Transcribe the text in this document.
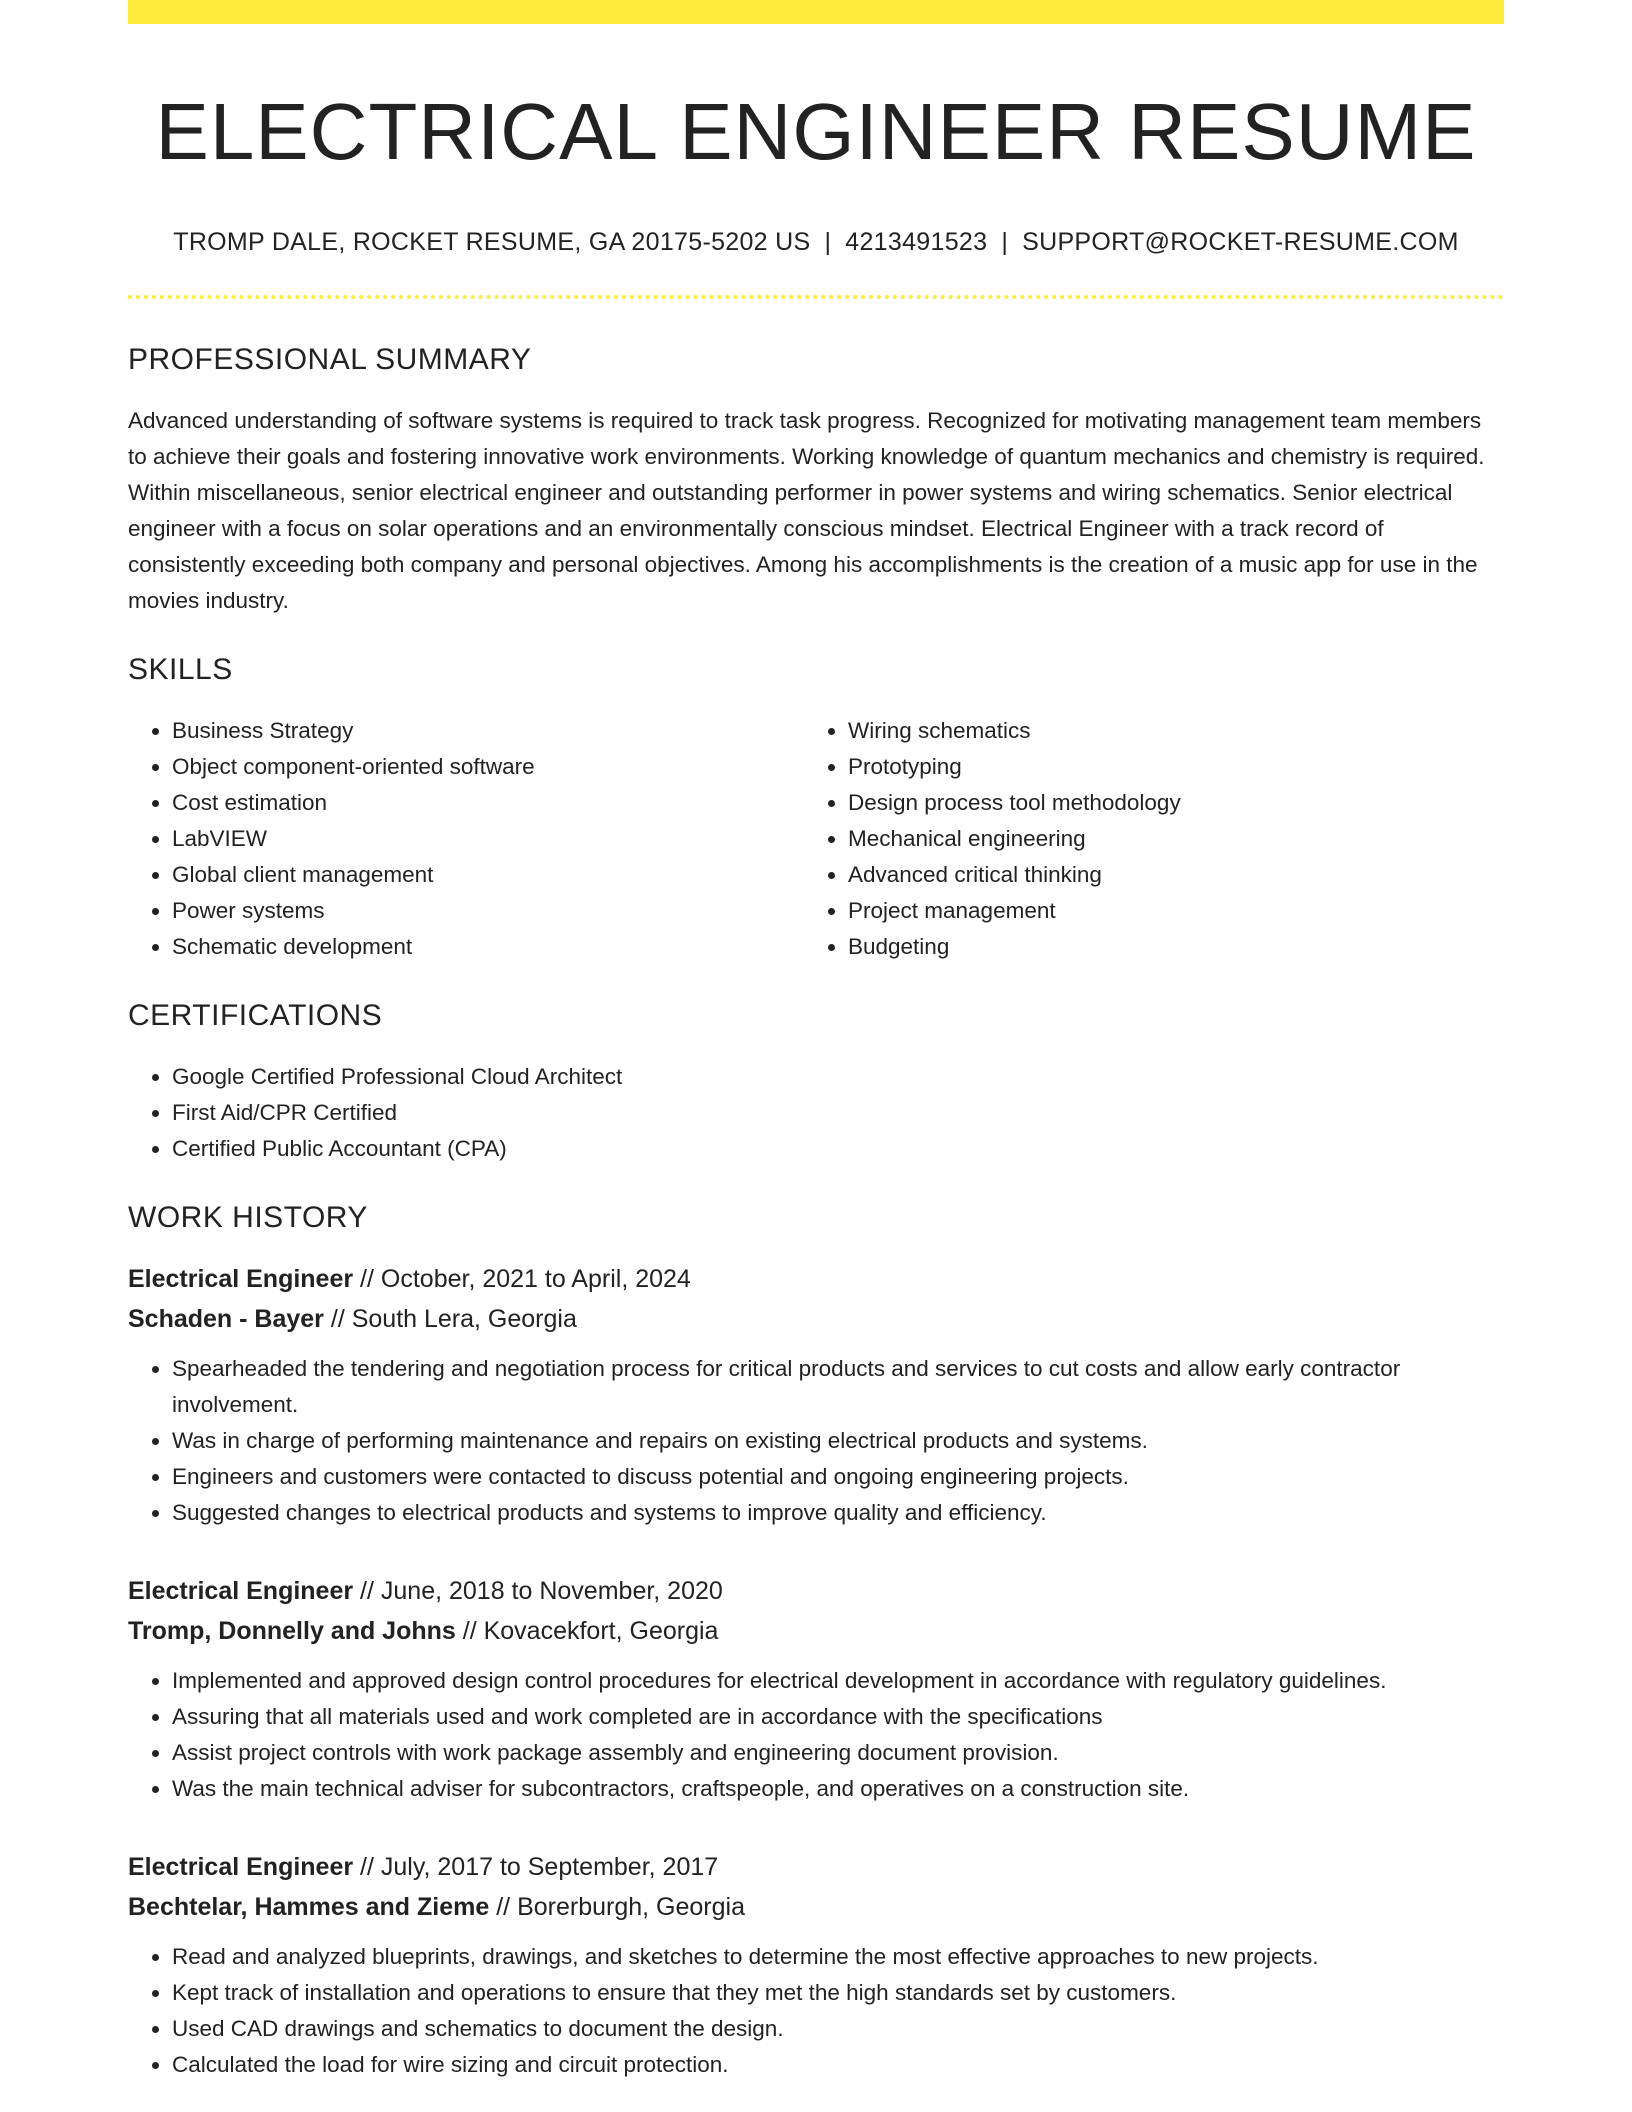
ELECTRICAL ENGINEER RESUME
TROMP DALE, ROCKET RESUME, GA 20175-5202 US | 4213491523 | SUPPORT@ROCKET-RESUME.COM
PROFESSIONAL SUMMARY

Advanced understanding of software systems is required to track task progress. Recognized for motivating management team members to achieve their goals and fostering innovative work environments. Working knowledge of quantum mechanics and chemistry is required. Within miscellaneous, senior electrical engineer and outstanding performer in power systems and wiring schematics. Senior electrical engineer with a focus on solar operations and an environmentally conscious mindset. Electrical Engineer with a track record of consistently exceeding both company and personal objectives. Among his accomplishments is the creation of a music app for use in the movies industry.

SKILLS
• Business Strategy
• Object component-oriented software
• Cost estimation
• LabVIEW
• Global client management
• Power systems
• Schematic development
• Wiring schematics
• Prototyping
• Design process tool methodology
• Mechanical engineering
• Advanced critical thinking
• Project management
• Budgeting
CERTIFICATIONS
• Google Certified Professional Cloud Architect
• First Aid/CPR Certified
• Certified Public Accountant (CPA)
WORK HISTORY
Electrical Engineer // October, 2021 to April, 2024
Schaden - Bayer // South Lera, Georgia
• Spearheaded the tendering and negotiation process for critical products and services to cut costs and allow early contractor involvement.
• Was in charge of performing maintenance and repairs on existing electrical products and systems.
• Engineers and customers were contacted to discuss potential and ongoing engineering projects.
• Suggested changes to electrical products and systems to improve quality and efficiency.
Electrical Engineer // June, 2018 to November, 2020
Tromp, Donnelly and Johns // Kovacekfort, Georgia
• Implemented and approved design control procedures for electrical development in accordance with regulatory guidelines.
• Assuring that all materials used and work completed are in accordance with the specifications
• Assist project controls with work package assembly and engineering document provision.
• Was the main technical adviser for subcontractors, craftspeople, and operatives on a construction site.
Electrical Engineer // July, 2017 to September, 2017
Bechtelar, Hammes and Zieme // Borerburgh, Georgia
• Read and analyzed blueprints, drawings, and sketches to determine the most effective approaches to new projects.
• Kept track of installation and operations to ensure that they met the high standards set by customers.
• Used CAD drawings and schematics to document the design.
• Calculated the load for wire sizing and circuit protection.
